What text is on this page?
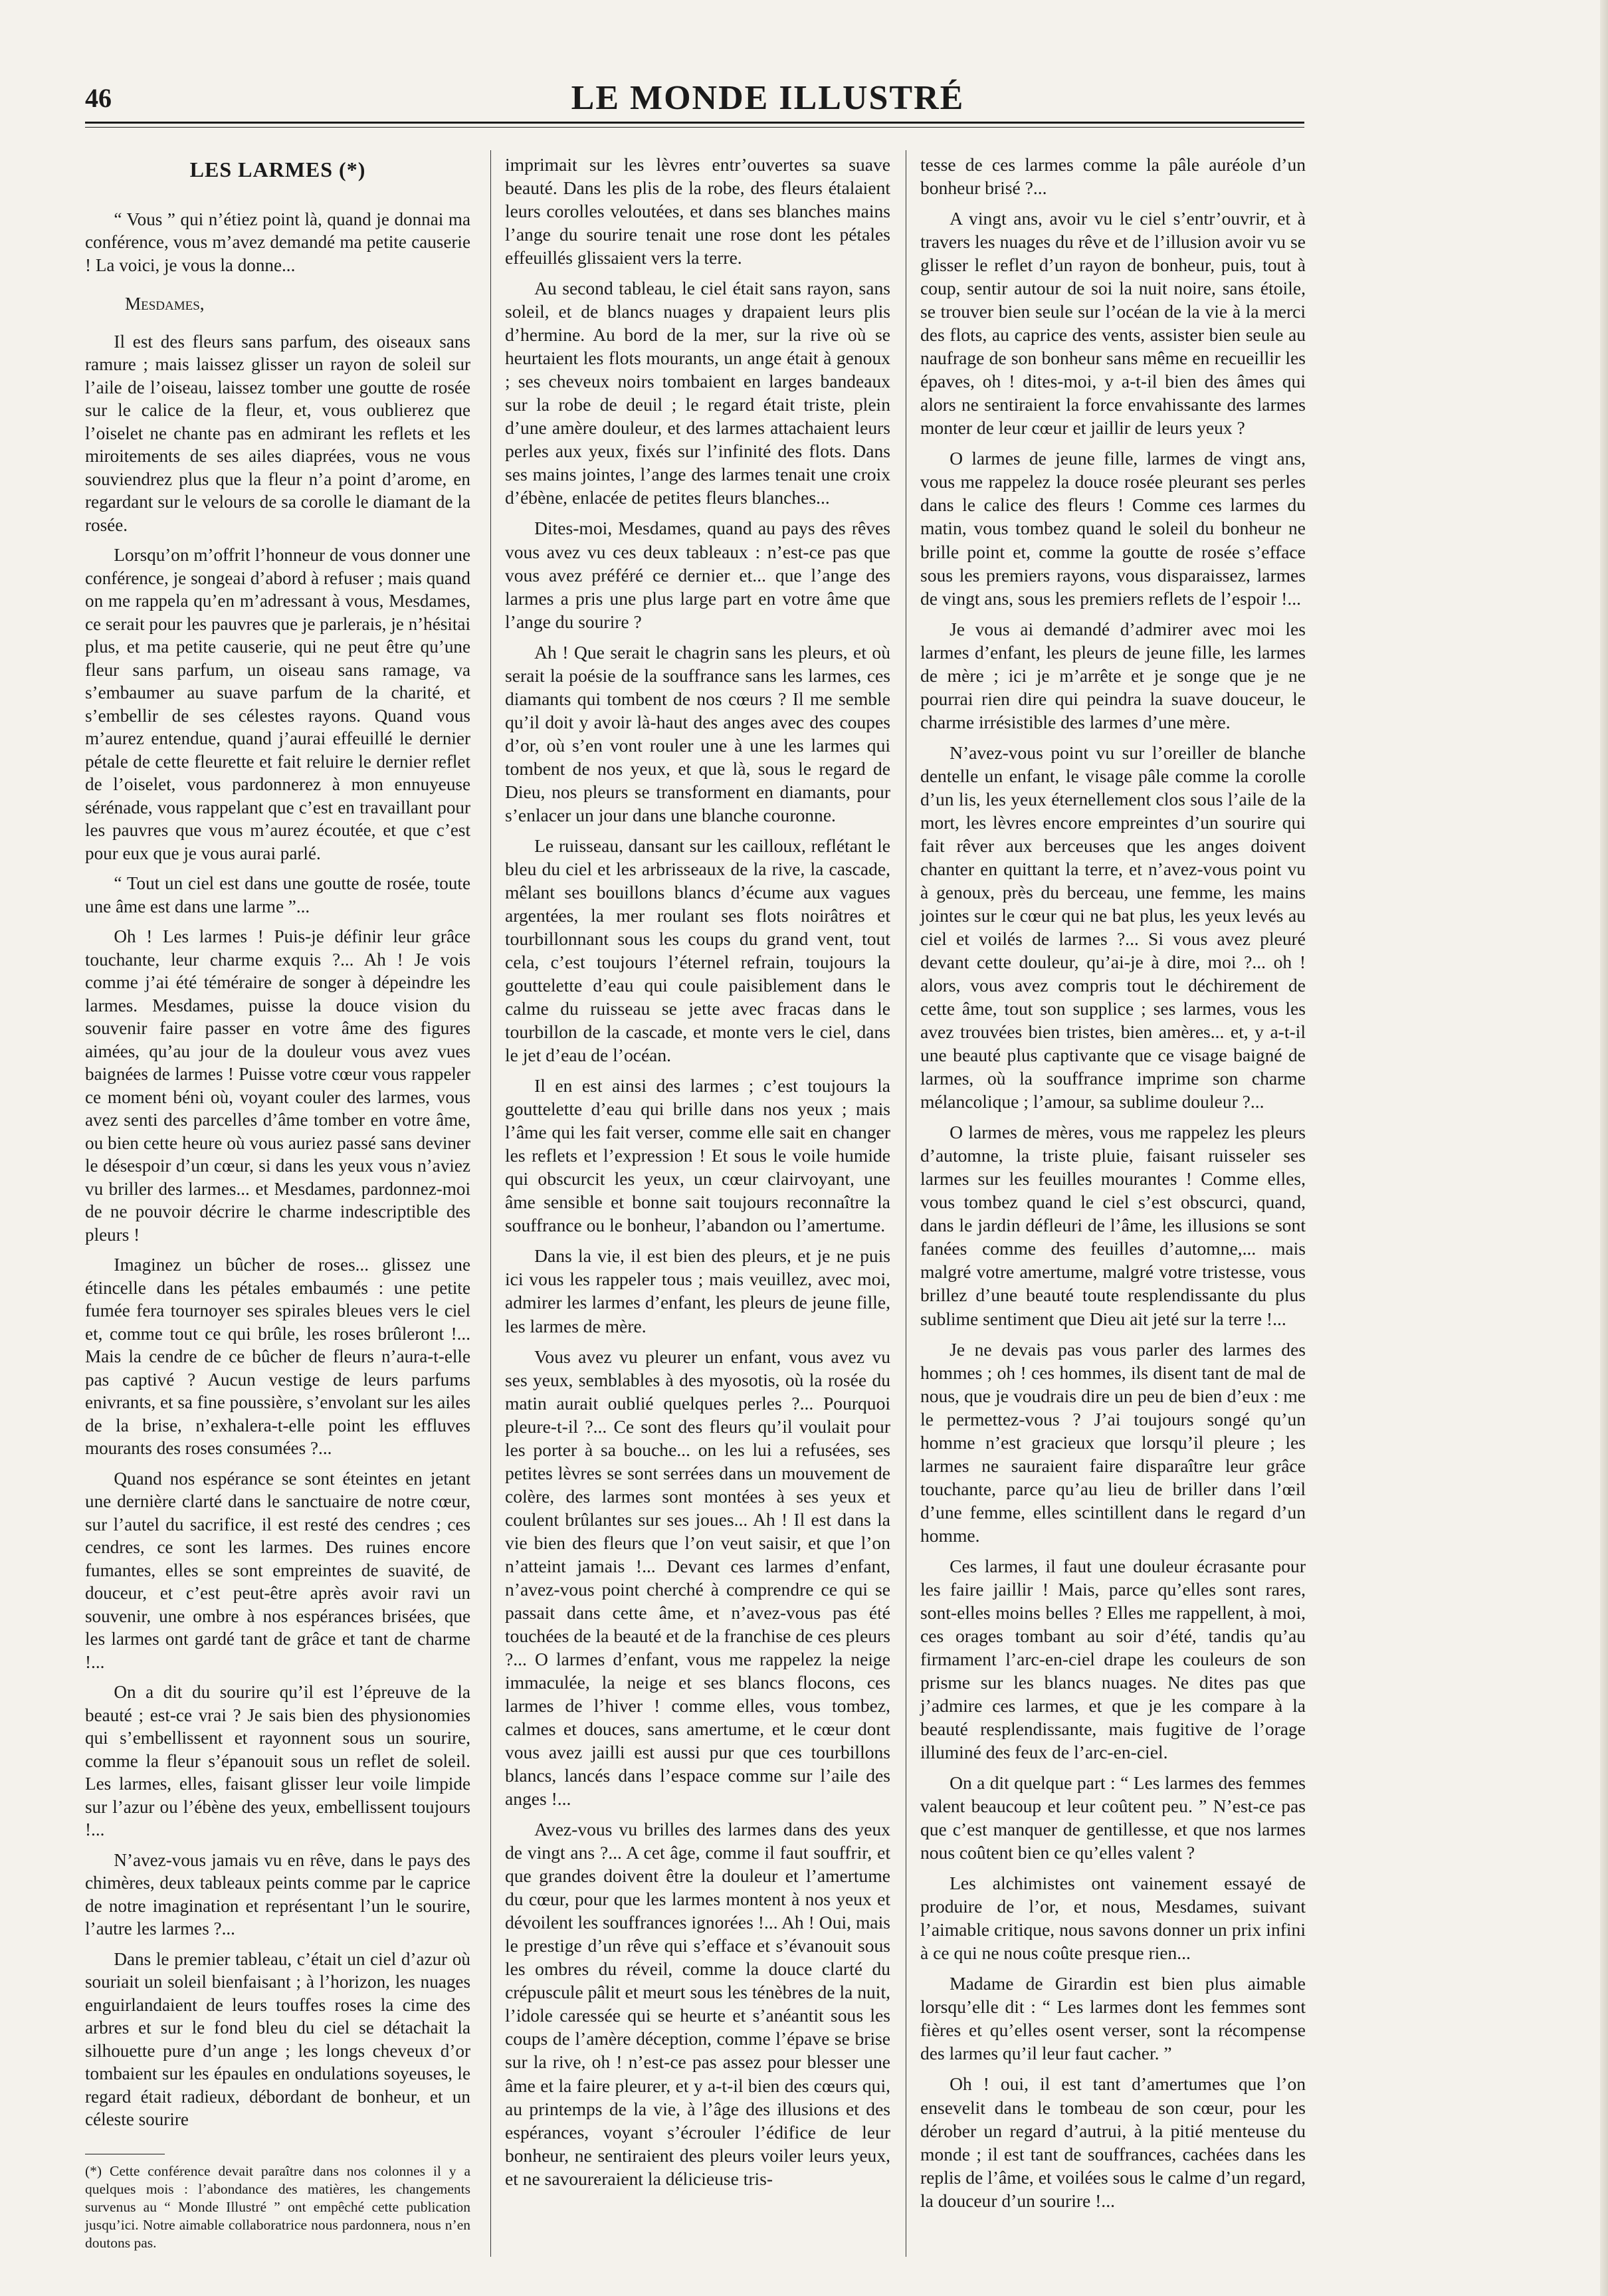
46	LE MONDE ILLUSTRÉ
LES LARMES (*)

“ Vous ” qui n’étiez point là, quand je donnai ma conférence, vous m’avez demandé ma petite causerie ! La voici, je vous la donne...

Mesdames,

Il est des fleurs sans parfum, des oiseaux sans ramure ; mais laissez glisser un rayon de soleil sur l’aile de l’oiseau, laissez tomber une goutte de rosée sur le calice de la fleur, et, vous oublierez que l’oiselet ne chante pas en admirant les reflets et les miroitements de ses ailes diaprées, vous ne vous souviendrez plus que la fleur n’a point d’arome, en regardant sur le velours de sa corolle le diamant de la rosée.

Lorsqu’on m’offrit l’honneur de vous donner une conférence, je songeai d’abord à refuser ; mais quand on me rappela qu’en m’adressant à vous, Mesdames, ce serait pour les pauvres que je parlerais, je n’hésitai plus, et ma petite causerie, qui ne peut être qu’une fleur sans parfum, un oiseau sans ramage, va s’embaumer au suave parfum de la charité, et s’embellir de ses célestes rayons. Quand vous m’aurez entendue, quand j’aurai effeuillé le dernier pétale de cette fleurette et fait reluire le dernier reflet de l’oiselet, vous pardonnerez à mon ennuyeuse sérénade, vous rappelant que c’est en travaillant pour les pauvres que vous m’aurez écoutée, et que c’est pour eux que je vous aurai parlé.

“ Tout un ciel est dans une goutte de rosée, toute une âme est dans une larme ”...

Oh ! Les larmes ! Puis-je définir leur grâce touchante, leur charme exquis ?... Ah ! Je vois comme j’ai été téméraire de songer à dépeindre les larmes. Mesdames, puisse la douce vision du souvenir faire passer en votre âme des figures aimées, qu’au jour de la douleur vous avez vues baignées de larmes ! Puisse votre cœur vous rappeler ce moment béni où, voyant couler des larmes, vous avez senti des parcelles d’âme tomber en votre âme, ou bien cette heure où vous auriez passé sans deviner le désespoir d’un cœur, si dans les yeux vous n’aviez vu briller des larmes... et Mesdames, pardonnez-moi de ne pouvoir décrire le charme indescriptible des pleurs !

Imaginez un bûcher de roses... glissez une étincelle dans les pétales embaumés : une petite fumée fera tournoyer ses spirales bleues vers le ciel et, comme tout ce qui brûle, les roses brûleront !... Mais la cendre de ce bûcher de fleurs n’aura-t-elle pas captivé ? Aucun vestige de leurs parfums enivrants, et sa fine poussière, s’envolant sur les ailes de la brise, n’exhalera-t-elle point les effluves mourants des roses consumées ?...

Quand nos espérance se sont éteintes en jetant une dernière clarté dans le sanctuaire de notre cœur, sur l’autel du sacrifice, il est resté des cendres ; ces cendres, ce sont les larmes. Des ruines encore fumantes, elles se sont empreintes de suavité, de douceur, et c’est peut-être après avoir ravi un souvenir, une ombre à nos espérances brisées, que les larmes ont gardé tant de grâce et tant de charme !...

On a dit du sourire qu’il est l’épreuve de la beauté ; est-ce vrai ? Je sais bien des physionomies qui s’embellissent et rayonnent sous un sourire, comme la fleur s’épanouit sous un reflet de soleil. Les larmes, elles, faisant glisser leur voile limpide sur l’azur ou l’ébène des yeux, embellissent toujours !...

N’avez-vous jamais vu en rêve, dans le pays des chimères, deux tableaux peints comme par le caprice de notre imagination et représentant l’un le sourire, l’autre les larmes ?...

Dans le premier tableau, c’était un ciel d’azur où souriait un soleil bienfaisant ; à l’horizon, les nuages enguirlandaient de leurs touffes roses la cime des arbres et sur le fond bleu du ciel se détachait la silhouette pure d’un ange ; les longs cheveux d’or tombaient sur les épaules en ondulations soyeuses, le regard était radieux, débordant de bonheur, et un céleste sourire

(*) Cette conférence devait paraître dans nos colonnes il y a quelques mois : l’abondance des matières, les changements survenus au “ Monde Illustré ” ont empêché cette publication jusqu’ici. Notre aimable collaboratrice nous pardonnera, nous n’en doutons pas.

imprimait sur les lèvres entr’ouvertes sa suave beauté. Dans les plis de la robe, des fleurs étalaient leurs corolles veloutées, et dans ses blanches mains l’ange du sourire tenait une rose dont les pétales effeuillés glissaient vers la terre.

Au second tableau, le ciel était sans rayon, sans soleil, et de blancs nuages y drapaient leurs plis d’hermine. Au bord de la mer, sur la rive où se heurtaient les flots mourants, un ange était à genoux ; ses cheveux noirs tombaient en larges bandeaux sur la robe de deuil ; le regard était triste, plein d’une amère douleur, et des larmes attachaient leurs perles aux yeux, fixés sur l’infinité des flots. Dans ses mains jointes, l’ange des larmes tenait une croix d’ébène, enlacée de petites fleurs blanches...

Dites-moi, Mesdames, quand au pays des rêves vous avez vu ces deux tableaux : n’est-ce pas que vous avez préféré ce dernier et... que l’ange des larmes a pris une plus large part en votre âme que l’ange du sourire ?

Ah ! Que serait le chagrin sans les pleurs, et où serait la poésie de la souffrance sans les larmes, ces diamants qui tombent de nos cœurs ? Il me semble qu’il doit y avoir là-haut des anges avec des coupes d’or, où s’en vont rouler une à une les larmes qui tombent de nos yeux, et que là, sous le regard de Dieu, nos pleurs se transforment en diamants, pour s’enlacer un jour dans une blanche couronne.

Le ruisseau, dansant sur les cailloux, reflétant le bleu du ciel et les arbrisseaux de la rive, la cascade, mêlant ses bouillons blancs d’écume aux vagues argentées, la mer roulant ses flots noirâtres et tourbillonnant sous les coups du grand vent, tout cela, c’est toujours l’éternel refrain, toujours la gouttelette d’eau qui coule paisiblement dans le calme du ruisseau se jette avec fracas dans le tourbillon de la cascade, et monte vers le ciel, dans le jet d’eau de l’océan.

Il en est ainsi des larmes ; c’est toujours la gouttelette d’eau qui brille dans nos yeux ; mais l’âme qui les fait verser, comme elle sait en changer les reflets et l’expression ! Et sous le voile humide qui obscurcit les yeux, un cœur clairvoyant, une âme sensible et bonne sait toujours reconnaître la souffrance ou le bonheur, l’abandon ou l’amertume.

Dans la vie, il est bien des pleurs, et je ne puis ici vous les rappeler tous ; mais veuillez, avec moi, admirer les larmes d’enfant, les pleurs de jeune fille, les larmes de mère.

Vous avez vu pleurer un enfant, vous avez vu ses yeux, semblables à des myosotis, où la rosée du matin aurait oublié quelques perles ?... Pourquoi pleure-t-il ?... Ce sont des fleurs qu’il voulait pour les porter à sa bouche... on les lui a refusées, ses petites lèvres se sont serrées dans un mouvement de colère, des larmes sont montées à ses yeux et coulent brûlantes sur ses joues... Ah ! Il est dans la vie bien des fleurs que l’on veut saisir, et que l’on n’atteint jamais !... Devant ces larmes d’enfant, n’avez-vous point cherché à comprendre ce qui se passait dans cette âme, et n’avez-vous pas été touchées de la beauté et de la franchise de ces pleurs ?... O larmes d’enfant, vous me rappelez la neige immaculée, la neige et ses blancs flocons, ces larmes de l’hiver ! comme elles, vous tombez, calmes et douces, sans amertume, et le cœur dont vous avez jailli est aussi pur que ces tourbillons blancs, lancés dans l’espace comme sur l’aile des anges !...

Avez-vous vu brilles des larmes dans des yeux de vingt ans ?... A cet âge, comme il faut souffrir, et que grandes doivent être la douleur et l’amertume du cœur, pour que les larmes montent à nos yeux et dévoilent les souffrances ignorées !... Ah ! Oui, mais le prestige d’un rêve qui s’efface et s’évanouit sous les ombres du réveil, comme la douce clarté du crépuscule pâlit et meurt sous les ténèbres de la nuit, l’idole caressée qui se heurte et s’anéantit sous les coups de l’amère déception, comme l’épave se brise sur la rive, oh ! n’est-ce pas assez pour blesser une âme et la faire pleurer, et y a-t-il bien des cœurs qui, au printemps de la vie, à l’âge des illusions et des espérances, voyant s’écrouler l’édifice de leur bonheur, ne sentiraient des pleurs voiler leurs yeux, et ne savoureraient la délicieuse tris-

tesse de ces larmes comme la pâle auréole d’un bonheur brisé ?...

A vingt ans, avoir vu le ciel s’entr’ouvrir, et à travers les nuages du rêve et de l’illusion avoir vu se glisser le reflet d’un rayon de bonheur, puis, tout à coup, sentir autour de soi la nuit noire, sans étoile, se trouver bien seule sur l’océan de la vie à la merci des flots, au caprice des vents, assister bien seule au naufrage de son bonheur sans même en recueillir les épaves, oh ! dites-moi, y a-t-il bien des âmes qui alors ne sentiraient la force envahissante des larmes monter de leur cœur et jaillir de leurs yeux ?

O larmes de jeune fille, larmes de vingt ans, vous me rappelez la douce rosée pleurant ses perles dans le calice des fleurs ! Comme ces larmes du matin, vous tombez quand le soleil du bonheur ne brille point et, comme la goutte de rosée s’efface sous les premiers rayons, vous disparaissez, larmes de vingt ans, sous les premiers reflets de l’espoir !...

Je vous ai demandé d’admirer avec moi les larmes d’enfant, les pleurs de jeune fille, les larmes de mère ; ici je m’arrête et je songe que je ne pourrai rien dire qui peindra la suave douceur, le charme irrésistible des larmes d’une mère.

N’avez-vous point vu sur l’oreiller de blanche dentelle un enfant, le visage pâle comme la corolle d’un lis, les yeux éternellement clos sous l’aile de la mort, les lèvres encore empreintes d’un sourire qui fait rêver aux berceuses que les anges doivent chanter en quittant la terre, et n’avez-vous point vu à genoux, près du berceau, une femme, les mains jointes sur le cœur qui ne bat plus, les yeux levés au ciel et voilés de larmes ?... Si vous avez pleuré devant cette douleur, qu’ai-je à dire, moi ?... oh ! alors, vous avez compris tout le déchirement de cette âme, tout son supplice ; ses larmes, vous les avez trouvées bien tristes, bien amères... et, y a-t-il une beauté plus captivante que ce visage baigné de larmes, où la souffrance imprime son charme mélancolique ; l’amour, sa sublime douleur ?...

O larmes de mères, vous me rappelez les pleurs d’automne, la triste pluie, faisant ruisseler ses larmes sur les feuilles mourantes ! Comme elles, vous tombez quand le ciel s’est obscurci, quand, dans le jardin défleuri de l’âme, les illusions se sont fanées comme des feuilles d’automne,... mais malgré votre amertume, malgré votre tristesse, vous brillez d’une beauté toute resplendissante du plus sublime sentiment que Dieu ait jeté sur la terre !...

Je ne devais pas vous parler des larmes des hommes ; oh ! ces hommes, ils disent tant de mal de nous, que je voudrais dire un peu de bien d’eux : me le permettez-vous ? J’ai toujours songé qu’un homme n’est gracieux que lorsqu’il pleure ; les larmes ne sauraient faire disparaître leur grâce touchante, parce qu’au lieu de briller dans l’œil d’une femme, elles scintillent dans le regard d’un homme.

Ces larmes, il faut une douleur écrasante pour les faire jaillir ! Mais, parce qu’elles sont rares, sont-elles moins belles ? Elles me rappellent, à moi, ces orages tombant au soir d’été, tandis qu’au firmament l’arc-en-ciel drape les couleurs de son prisme sur les blancs nuages. Ne dites pas que j’admire ces larmes, et que je les compare à la beauté resplendissante, mais fugitive de l’orage illuminé des feux de l’arc-en-ciel.

On a dit quelque part : “ Les larmes des femmes valent beaucoup et leur coûtent peu. ” N’est-ce pas que c’est manquer de gentillesse, et que nos larmes nous coûtent bien ce qu’elles valent ?

Les alchimistes ont vainement essayé de produire de l’or, et nous, Mesdames, suivant l’aimable critique, nous savons donner un prix infini à ce qui ne nous coûte presque rien...

Madame de Girardin est bien plus aimable lorsqu’elle dit : “ Les larmes dont les femmes sont fières et qu’elles osent verser, sont la récompense des larmes qu’il leur faut cacher. ”

Oh ! oui, il est tant d’amertumes que l’on ensevelit dans le tombeau de son cœur, pour les dérober un regard d’autrui, à la pitié menteuse du monde ; il est tant de souffrances, cachées dans les replis de l’âme, et voilées sous le calme d’un regard, la douceur d’un sourire !...
